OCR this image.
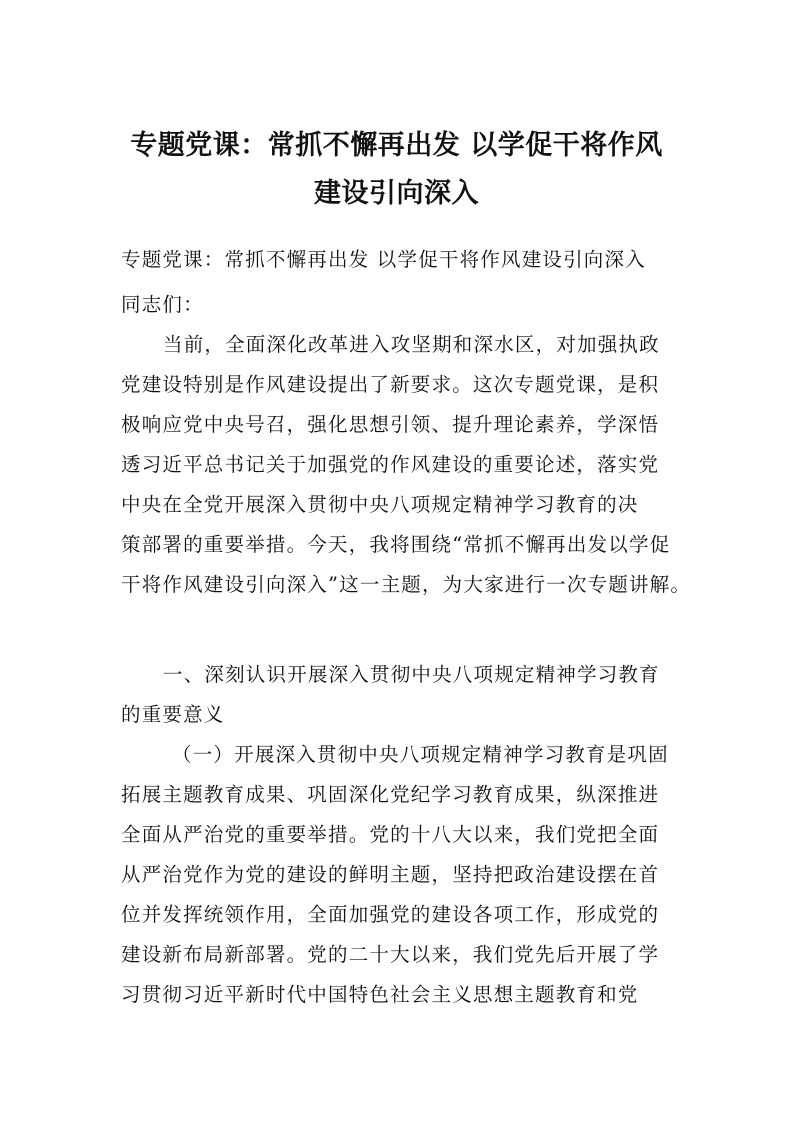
专题党课：常抓不懈再出发 以学促干将作风
建设引向深入

专题党课：常抓不懈再出发 以学促干将作风建设引向深入

同志们：

当前，全面深化改革进入攻坚期和深水区，对加强执政

党建设特别是作风建设提出了新要求。这次专题党课，是积

极响应党中央号召，强化思想引领、提升理论素养，学深悟

透习近平总书记关于加强党的作风建设的重要论述，落实党

中央在全党开展深入贯彻中央八项规定精神学习教育的决

策部署的重要举措。今天，我将围绕“常抓不懈再出发以学促

干将作风建设引向深入”这一主题，为大家进行一次专题讲解。

一、深刻认识开展深入贯彻中央八项规定精神学习教育

的重要意义

（一）开展深入贯彻中央八项规定精神学习教育是巩固

拓展主题教育成果、巩固深化党纪学习教育成果，纵深推进

全面从严治党的重要举措。党的十八大以来，我们党把全面

从严治党作为党的建设的鲜明主题，坚持把政治建设摆在首

位并发挥统领作用，全面加强党的建设各项工作，形成党的

建设新布局新部署。党的二十大以来，我们党先后开展了学

习贯彻习近平新时代中国特色社会主义思想主题教育和党
